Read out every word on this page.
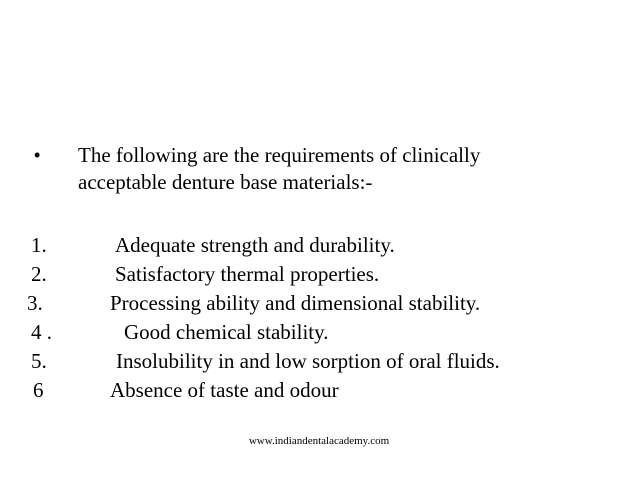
• The following are the requirements of clinically
acceptable denture base materials:-
1.	Adequate strength and durability.
2.	Satisfactory thermal properties.
3.	Processing ability and dimensional stability.
4 .	Good chemical stability.
5.	Insolubility in and low sorption of oral fluids.
6	Absence of taste and odour
www.indiandentalacademy.com
